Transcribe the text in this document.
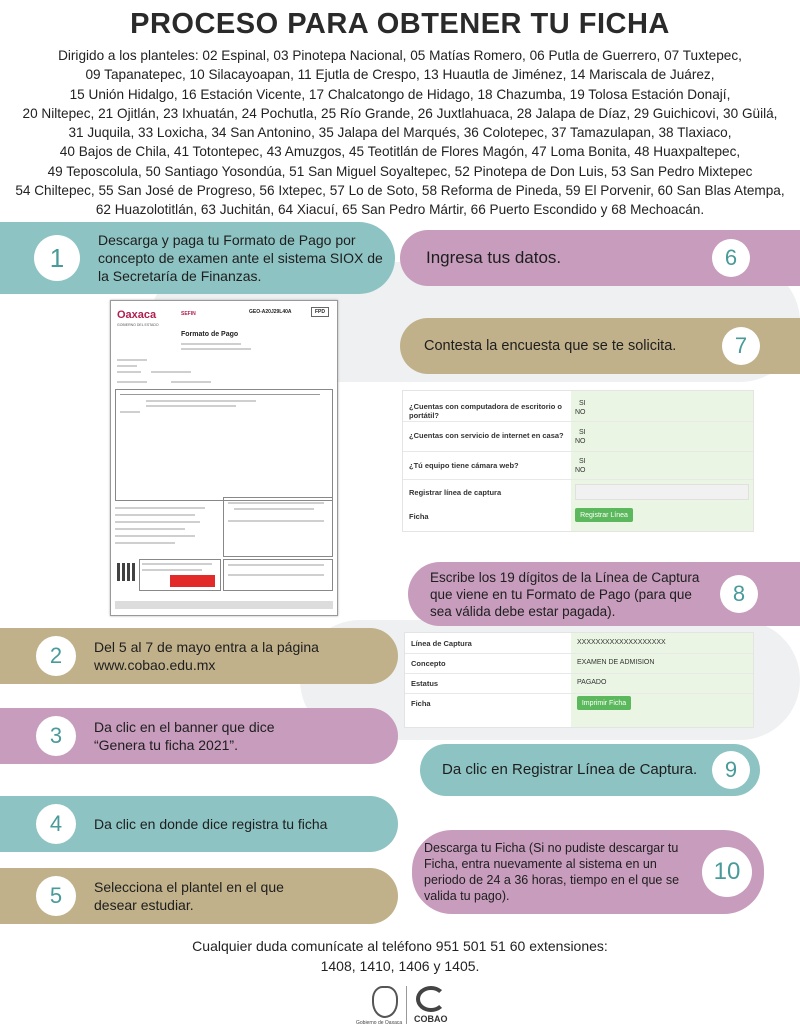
PROCESO PARA OBTENER TU FICHA
Dirigido a los planteles: 02 Espinal, 03 Pinotepa Nacional, 05 Matías Romero, 06 Putla de Guerrero, 07 Tuxtepec,
09 Tapanatepec, 10 Silacayoapan, 11 Ejutla de Crespo, 13 Huautla de Jiménez, 14 Mariscala de Juárez,
15 Unión Hidalgo, 16 Estación Vicente, 17 Chalcatongo de Hidago, 18 Chazumba, 19 Tolosa Estación Donají,
20 Niltepec, 21 Ojitlán, 23 Ixhuatán, 24 Pochutla, 25 Río Grande, 26 Juxtlahuaca, 28 Jalapa de Díaz, 29 Guichicovi, 30 Güilá,
31 Juquila, 33 Loxicha, 34 San Antonino, 35 Jalapa del Marqués, 36 Colotepec, 37 Tamazulapan, 38 Tlaxiaco,
40 Bajos de Chila, 41 Totontepec, 43 Amuzgos, 45 Teotitlán de Flores Magón, 47 Loma Bonita, 48 Huaxpaltepec,
49 Teposcolula, 50 Santiago Yosondúa, 51 San Miguel Soyaltepec, 52 Pinotepa de Don Luis, 53 San Pedro Mixtepec
54 Chiltepec, 55 San José de Progreso, 56 Ixtepec, 57 Lo de Soto, 58 Reforma de Pineda, 59 El Porvenir, 60 San Blas Atempa,
62 Huazolotitlán, 63 Juchitán, 64 Xiacuí, 65 San Pedro Mártir, 66 Puerto Escondido y 68 Mechoacán.
1
Descarga y paga tu Formato de Pago por concepto de examen ante el sistema SIOX de la Secretaría de Finanzas.
Ingresa tus datos.	6
Oaxaca
GOBIERNO DEL ESTADO
SEFIN	GEO-A20J29L40A	FPD
Formato de Pago
Contesta la encuesta que se te solicita.	7
¿Cuentas con computadora de escritorio o portátil?
SI
NO
¿Cuentas con servicio de internet en casa?	SI
NO
¿Tú equipo tiene cámara web?	SI
NO
Registrar línea de captura
Ficha	Registrar Línea
Escribe los 19 dígitos de la Línea de Captura que viene en tu Formato de Pago (para que sea válida debe estar pagada).
8
2	Del 5 al 7 de mayo entra a la página www.cobao.edu.mx
Línea de Captura	XXXXXXXXXXXXXXXXXXX
Concepto	EXAMEN DE ADMISION
Estatus	PAGADO
Ficha	Imprimir Ficha
3	Da clic en el banner que dice “Genera tu ficha 2021”.
Da clic en Registrar Línea de Captura.	9
4	Da clic en donde dice registra tu ficha
Descarga tu Ficha (Si no pudiste descargar tu Ficha, entra nuevamente al sistema en un periodo de 24 a 36 horas, tiempo en el que se valida tu pago).
10
5	Selecciona el plantel en el que desear estudiar.
Cualquier duda comunícate al teléfono 951 501 51 60 extensiones:
1408, 1410, 1406 y 1405.
Gobierno de Oaxaca COBAO
